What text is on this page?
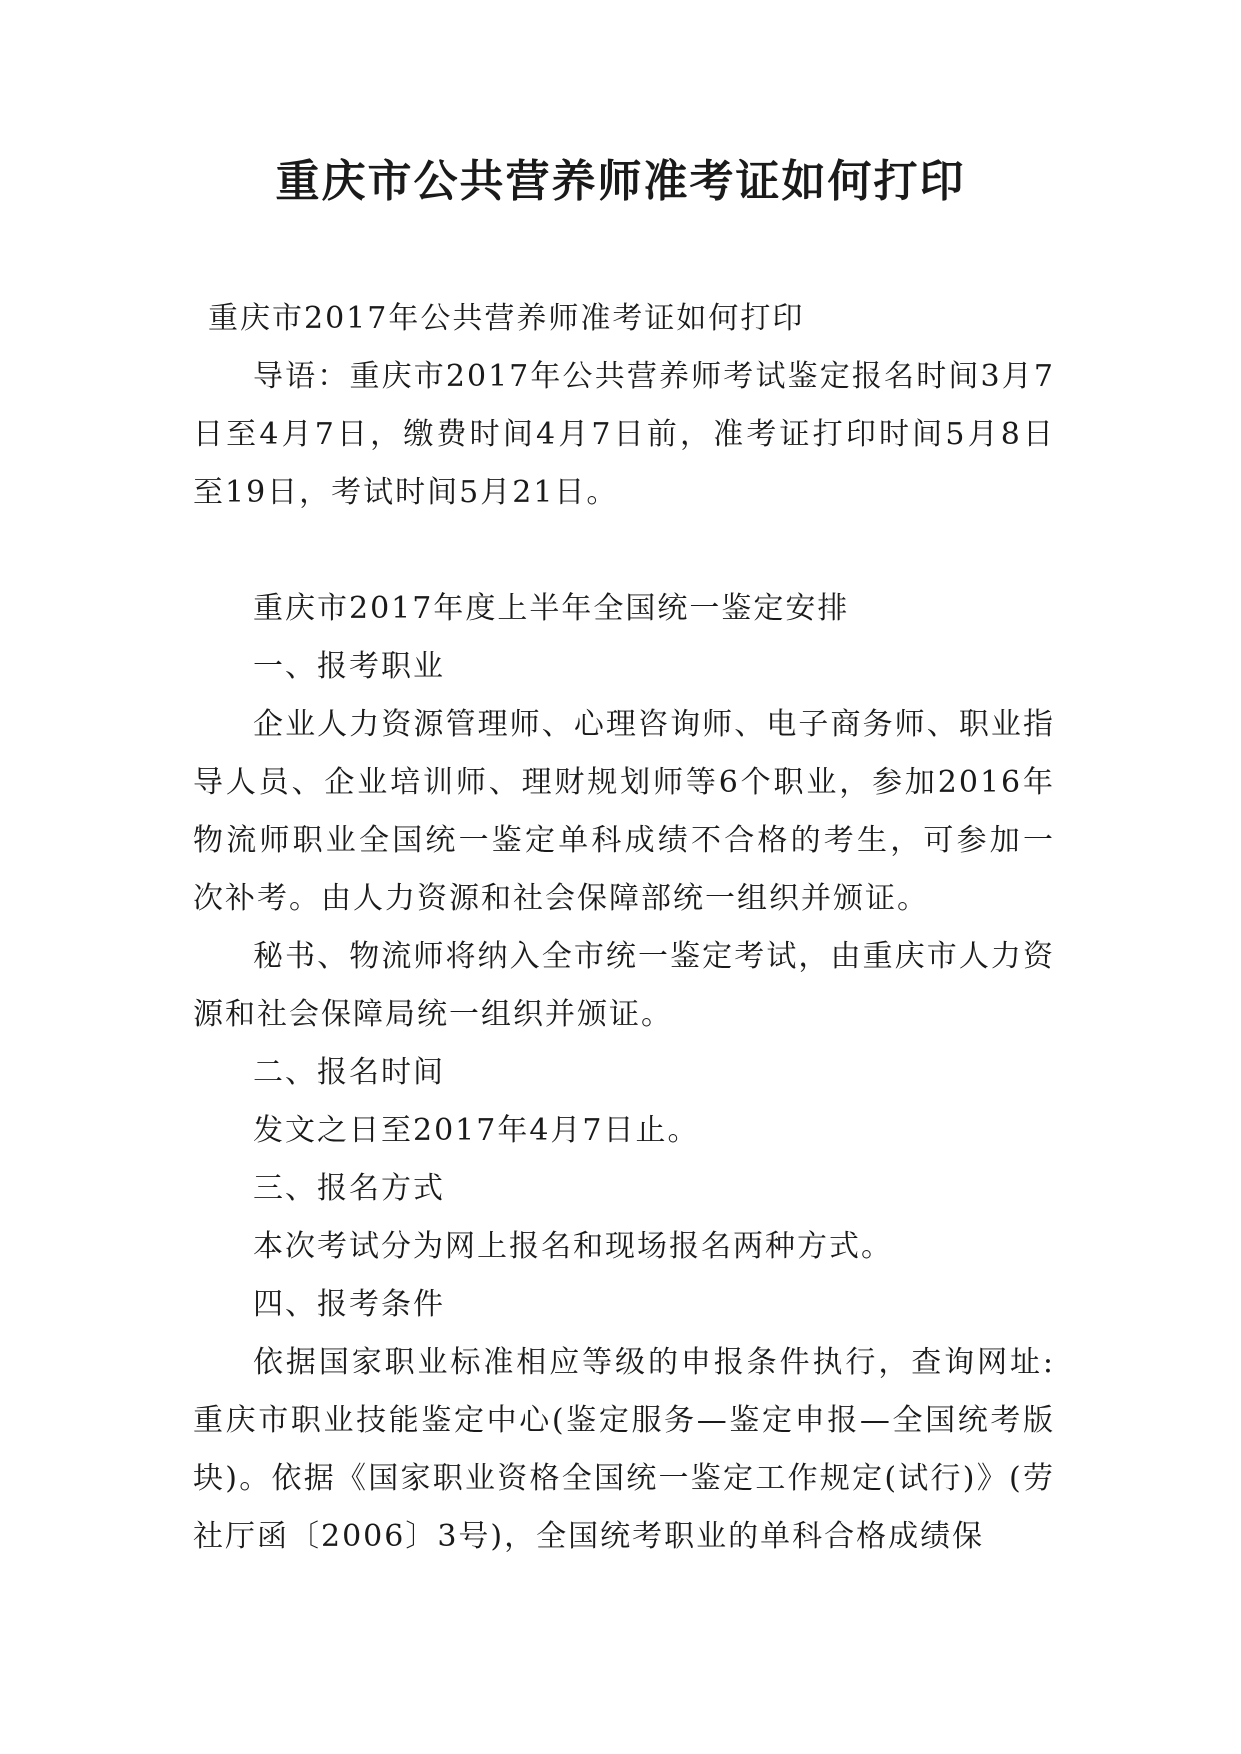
重庆市公共营养师准考证如何打印

重庆市2017年公共营养师准考证如何打印

导语：重庆市2017年公共营养师考试鉴定报名时间3月7日至4月7日，缴费时间4月7日前，准考证打印时间5月8日至19日，考试时间5月21日。

重庆市2017年度上半年全国统一鉴定安排

一、报考职业

企业人力资源管理师、心理咨询师、电子商务师、职业指导人员、企业培训师、理财规划师等6个职业，参加2016年物流师职业全国统一鉴定单科成绩不合格的考生，可参加一次补考。由人力资源和社会保障部统一组织并颁证。

秘书、物流师将纳入全市统一鉴定考试，由重庆市人力资源和社会保障局统一组织并颁证。

二、报名时间

发文之日至2017年4月7日止。

三、报名方式

本次考试分为网上报名和现场报名两种方式。

四、报考条件

依据国家职业标准相应等级的申报条件执行，查询网址:重庆市职业技能鉴定中心(鉴定服务—鉴定申报—全国统考版块)。依据《国家职业资格全国统一鉴定工作规定(试行)》(劳社厅函〔2006〕3号)，全国统考职业的单科合格成绩保
